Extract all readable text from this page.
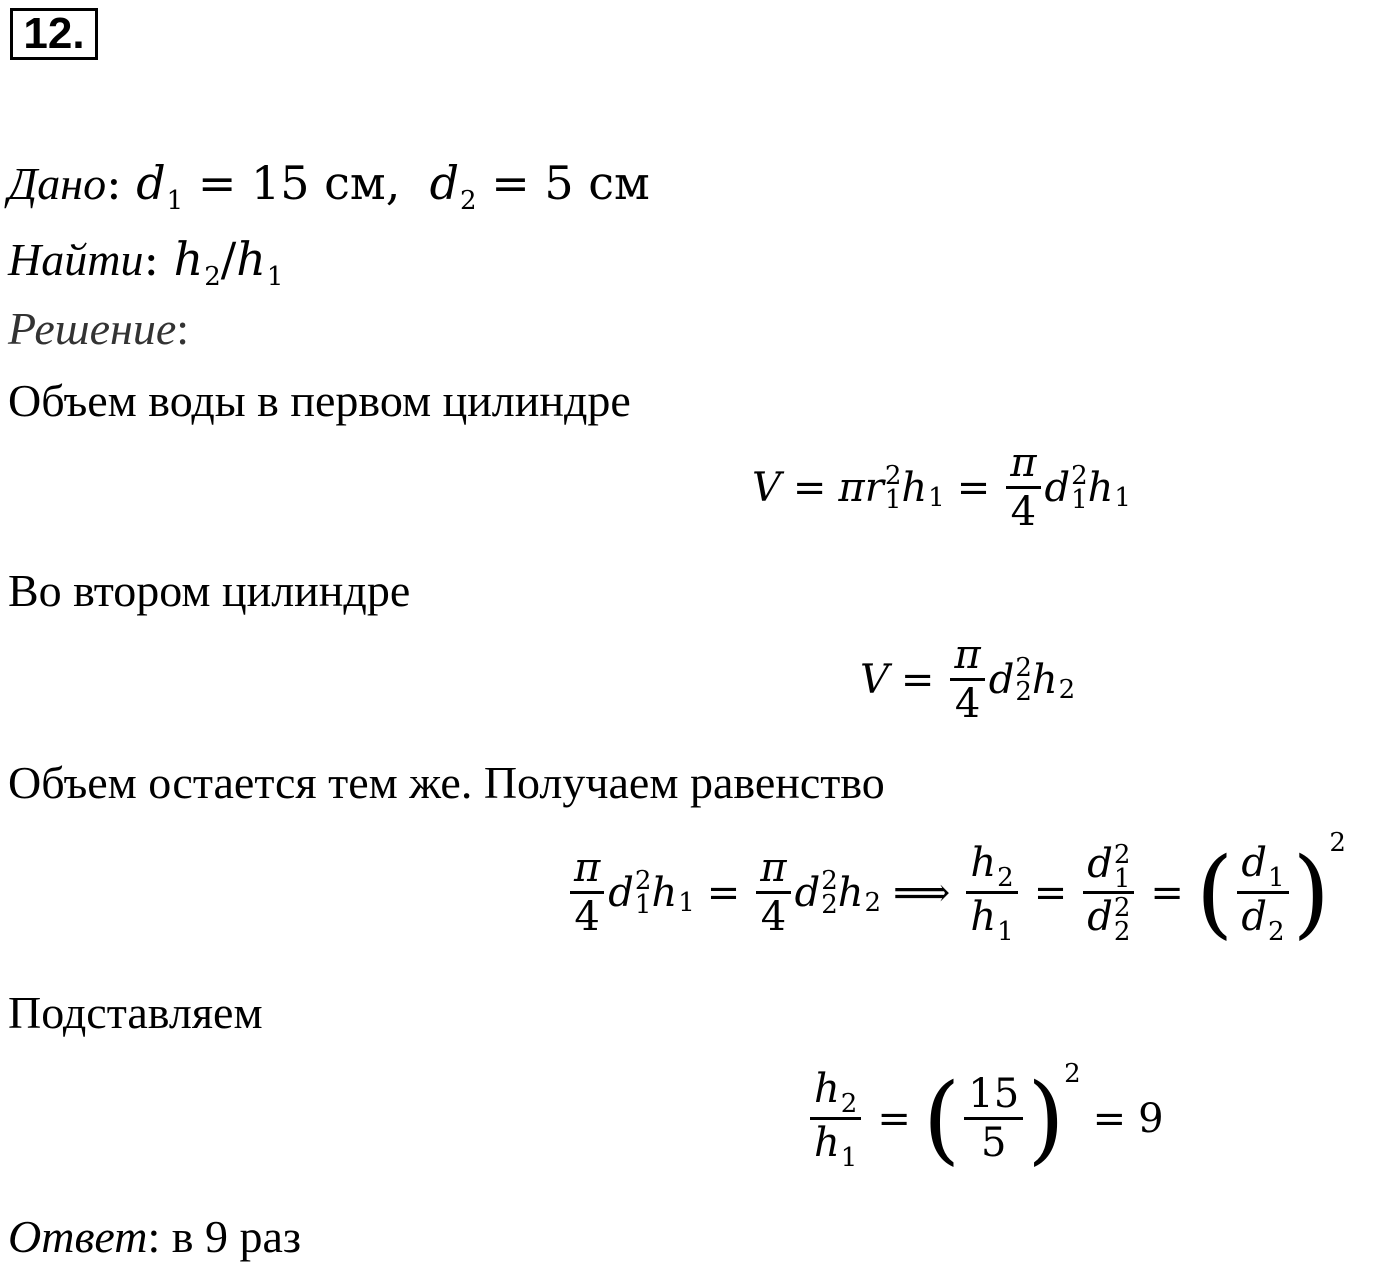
12.
Дано: $d_1 = 15$ см,  $d_2 = 5$ см
Найти: $h_2/h_1$
Решение:
Объем воды в первом цилиндре
V = πr 2
1 h $1 = \frac{\pi}{4}$ d 2
1 h 1
Во втором цилиндре
$V = \frac{\pi}{4}$ d 2
2 h 2
Объем остается тем же. Получаем равенство
$\frac{\pi}{4}$ d 2
1 h $1 = \frac{\pi}{4}$ d 2
2 h 2 ⟹ $\frac{h_2}{h_1} = d$ 2
1
d 2
2 = ( $\frac{d_1}{d_2}$ ) 2
Подставляем
$\frac{h_2}{h_1}$ = ( $\frac{15}{5}$ ) 2
= 9
Ответ: в 9 раз
